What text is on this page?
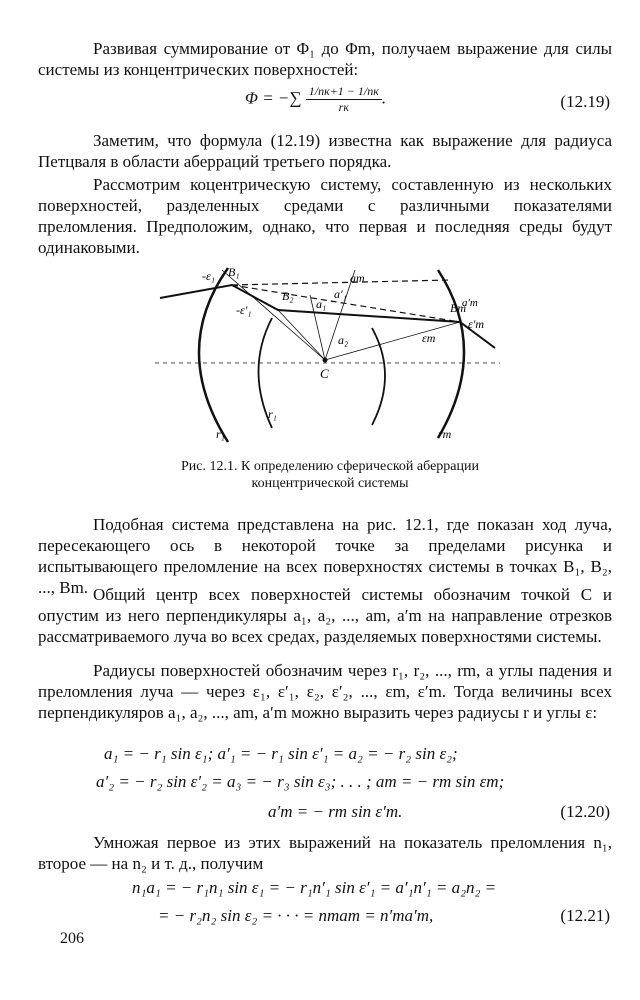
Развивая суммирование от Φ₁ до Φm, получаем выражение для силы системы из концентрических поверхностей:
Φ = −∑ $\frac{1/nк+1 - 1/nк}{rк}$ .	(12.19)
Заметим, что формула (12.19) известна как выражение для радиуса Петцваля в области аберраций третьего порядка.
Рассмотрим коцентрическую систему, составленную из нескольких поверхностей, разделенных средами с различными показателями преломления. Предположим, однако, что первая и последняя среды будут одинаковыми.
-ε₁ B₁
-ε′₁
B₂
a₁
a′₁
a₂
am
εm
Bm
ε′m
a′m
C
r₁
r₁
rm
Рис. 12.1. К определению сферической аберрации
концентрической системы
Подобная система представлена на рис. 12.1, где показан ход луча, пересекающего ось в некоторой точке за пределами рисунка и испытывающего преломление на всех поверхностях системы в точках B₁, B₂, ..., Bm. Общий центр всех поверхностей системы обозначим точкой C и опустим из него перпендикуляры a₁, a₂, ..., am, a′m на направление отрезков рассматриваемого луча во всех средах, разделяемых поверхностями системы.
Радиусы поверхностей обозначим через r₁, r₂, ..., rm, а углы падения и преломления луча — через ε₁, ε′₁, ε₂, ε′₂, ..., εm, ε′m. Тогда величины всех перпендикуляров a₁, a₂, ..., am, a′m можно выразить через радиусы r и углы ε:
a₁ = − r₁ sin ε₁; a′₁ = − r₁ sin ε′₁ = a₂ = − r₂ sin ε₂;
a′₂ = − r₂ sin ε′₂ = a₃ = − r₃ sin ε₃; . . . ; am = − rm sin εm;
a′m = − rm sin ε′m.	(12.20)
Умножая первое из этих выражений на показатель преломления n₁, второе — на n₂ и т. д., получим
n₁a₁ = − r₁n₁ sin ε₁ = − r₁n′₁ sin ε′₁ = a′₁n′₁ = a₂n₂ =
= − r₂n₂ sin ε₂ = · · · = nmam = n′ma′m,	(12.21)
206
